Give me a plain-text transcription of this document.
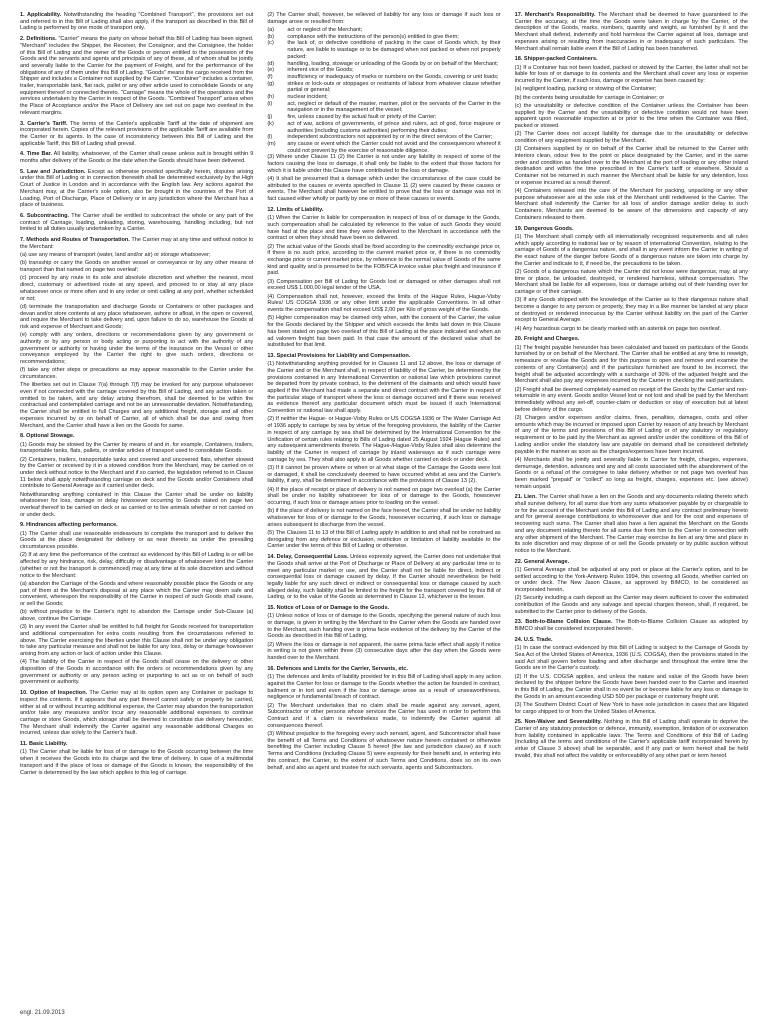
1. Applicability. Notwithstanding the heading "Combined Transport", the provisions set out and referred to in this Bill of Lading shall also apply, if the transport as described in this Bill of Lading is performed by one mode of transport only.

2. Definitions. "Carrier" means the party on whose behalf this Bill of Lading has been signed. "Merchant" includes the Shipper, the Receiver, the Consignor, and the Consignee, the holder of this Bill of Lading and the owner of the Goods or person entitled to the possession of the Goods and the servants and agents and principals of any of these, all of whom shall be jointly and severally liable to the Carrier for the payment of Freight, and for the performance of the obligations of any of them under this Bill of Lading. "Goods" means the cargo received from the Shipper and includes a Container not supplied by the Carrier. "Container" includes a container, trailer, transportable tank, flat rack, pallet or any other article used to consolidate Goods or any equipment thereof or connected thereto. "Carriage" means the whole of the operations and the services undertaken by the Carrier in respect of the Goods. "Combined Transport" arises when the Place of Acceptance and/or the Place of Delivery are set out on page two overleaf in the relevant margins.

3. Carrier's Tariff. The terms of the Carrier's applicable Tariff at the date of shipment are incorporated herein. Copies of the relevant provisions of the applicable Tariff are available from the Carrier or its agents. In the case of inconsistency between this Bill of Lading and the applicable Tariff, this Bill of Lading shall prevail.

4. Time Bar. All liability, whatsoever, of the Carrier shall cease unless suit is brought within 9 months after delivery of the Goods or the date when the Goods should have been delivered.

5. Law and Jurisdiction. Except as otherwise provided specifically herein, disputes arising under this Bill of Lading or in connection therewith shall be determined exclusively by the High Court of Justice in London and in accordance with the English law. Any actions against the Merchant may, at the Carrier's sole option, also be brought in the countries of the Port of Loading, Port of Discharge, Place of Delivery or in any jurisdiction where the Merchant has a place of business.

6. Subcontracting. The Carrier shall be entitled to subcontract the whole or any part of the contract of Carriage, loading, unloading, storing, warehousing, handling including, but not limited to all duties usually undertaken by a Carrier.

7. Methods and Routes of Transportation. The Carrier may at any time and without notice to the Merchant:

(a) use any means of transport (water, land and/or air) or storage whatsoever;

(b) transship or carry the Goods on another vessel or conveyance or by any other means of transport than that named on page two overleaf;

(c) proceed by any route in its sole and absolute discretion and whether the nearest, most direct, customary or advertised route at any speed, and proceed to or stay at any place whatsoever once or more often and in any order or omit calling at any port, whether scheduled or not;

(d) terminate the transportation and discharge Goods or Containers or other packages and devan and/or store contents at any place whatsoever, ashore or afloat, in the open or covered, and require the Merchant to take delivery and, upon failure to do so, warehouse the Goods at risk and expense of Merchant and Goods;

(e) comply with any orders, directions or recommendations given by any government or authority or by any person or body acting or purporting to act with the authority of any government or authority or having under the terms of the insurance on the Vessel or other conveyance employed by the Carrier the right to give such orders, directions or recommendations;

(f) take any other steps or precautions as may appear reasonable to the Carrier under the circumstances.

The liberties set out in Clause 7(a) through 7(f) may be invoked for any purpose whatsoever even if not connected with the carriage covered by this Bill of Lading, and any action taken or omitted to be taken, and any delay arising therefrom, shall be deemed to be within the contractual and contemplated carriage and not be an unreasonable deviation. Notwithstanding, the Carrier shall be entitled to full Charges and any additional freight, storage and all other expenses incurred by or on behalf of Carrier, all of which shall be due and owing from Merchant, and the Carrier shall have a lien on the Goods for same.

8. Optional Stowage.

(1) Goods may be stowed by the Carrier by means of and in, for example, Containers, trailers, transportable tanks, flats, pallets, or similar articles of transport used to consolidate Goods.

(2) Containers, trailers, transportable tanks and covered and uncovered flats, whether stowed by the Carrier or received by it in a stowed condition from the Merchant, may be carried on or under deck without notice to the Merchant and if so carried, the legislation referred to in Clause 11 below shall apply notwithstanding carriage on deck and the Goods and/or Containers shall contribute to General Average as if carried under deck.

Notwithstanding anything contained in this Clause the Carrier shall be under no liability whatsoever for loss, damage or delay howsoever occurring to Goods stated on page two overleaf thereof to be carried on deck or as carried or to live animals whether or not carried on or under deck.

9. Hindrances affecting performance.

(1) The Carrier shall use reasonable endeavours to complete the transport and to deliver the Goods at the place designated for delivery or as near thereto as under the prevailing circumstances possible.

(2) If at any time the performance of the contract as evidenced by this Bill of Lading is or will be affected by any hindrance, risk, delay, difficulty or disadvantage of whatsoever kind the Carrier (whether or not the transport is commenced) may at any time at its sole discretion and without notice to the Merchant:

(a) abandon the Carriage of the Goods and where reasonably possible place the Goods or any part of them at the Merchant's disposal at any place which the Carrier may deem safe and convenient, whereupon the responsibility of the Carrier in respect of such Goods shall cease, or sell the Goods;

(b) without prejudice to the Carrier's right to abandon the Carriage under Sub-Clause (a) above, continue the Carriage.

(3) In any event the Carrier shall be entitled to full freight for Goods received for transportation and additional compensation for extra costs resulting from the circumstances referred to above. The Carrier exercising the liberties under this Clause shall not be under any obligation to take any particular measure and shall not be liable for any loss, delay or damage howsoever arising from any action or lack of action under this Clause.

(4) The liability of the Carrier in respect of the Goods shall cease on the delivery or other disposition of the Goods in accordance with the orders or recommendations given by any government or authority or any person acting or purporting to act as or on behalf of such government or authority.

10. Option of Inspection. The Carrier may at its option open any Container or package to inspect the contents. If it appears that any part thereof cannot safely or properly be carried, either at all or without incurring additional expense, the Carrier may abandon the transportation and/or take any measures and/or incur any reasonable additional expenses to continue carriage or store Goods, which storage shall be deemed to constitute due delivery hereunder. The Merchant shall indemnify the Carrier against any reasonable additional Charges so incurred, unless due solely to the Carrier's fault.

11. Basic Liability.

(1) The Carrier shall be liable for loss of or damage to the Goods occurring between the time when it receives the Goods into its charge and the time of delivery. In case of a multimodal transport and if the place of loss or damage of the Goods is known, the responsibility of the Carrier is determined by the law which applies to this leg of carriage.

(2) The Carrier shall, however, be relieved of liability for any loss or damage if such loss or damage arose or resulted from:

(a)	act or neglect of the Merchant;
(b)	compliance with the instructions of the person(s) entitled to give them;
(c)	the lack of, or defective conditions of packing in the case of Goods which, by their nature, are liable to wastage or to be damaged when not packed or when not properly packed;
(d)	handling, loading, stowage or unloading of the Goods by or on behalf of the Merchant;
(e)	inherent vice of the Goods;
(f)	insufficiency or inadequacy of marks or numbers on the Goods, covering or unit loads;
(g)	strikes or lock-outs or stoppages or restraints of labour from whatever clause whether partial or general;
(h)	nuclear incident;
(i)	act, neglect or default of the master, mariner, pilot or the servants of the Carrier in the navigation or in the management of the vessel;
(j)	fire, unless caused by the actual fault or privity of the Carrier;
(k)	act of war, actions of governments, of prince and rulers, act of god, force majeure or authorities (including customs authorities) performing their duties;
(l)	independent subcontractors not appointed by or in the direct services of the Carrier;
(m)	any cause or event which the Carrier could not avoid and the consequences whereof it could not prevent by the exercise of reasonable diligence.

(3) Where under Clause 11 (2) the Carrier is not under any liability in respect of some of the factors causing the loss or damage, it shall only be liable to the extent that those factors for which it is liable under this Clause have contributed to the loss or damage.

(4) It shall be presumed that a damage which under the circumstances of the case could be attributed to the causes or events specified in Clause 11 (2) were caused by these causes or events. The Merchant shall however be entitled to prove that the loss or damage was not in fact caused either wholly or partly by one or more of these causes or events.

12. Limits of Liability.

(1) When the Carrier is liable for compensation in respect of loss of or damage to the Goods, such compensation shall be calculated by reference to the value of such Goods they would have had at the place and time they were delivered to the Merchant in accordance with the contract or when they should have been so delivered.

(2) The actual value of the Goods shall be fixed according to the commodity exchange price or, if there is no such price, according to the current market price or, if there is no commodity exchange price or current market price, by reference to the normal value of Goods of the same kind and quality and is presumed to be the FOB/FCA invoice value plus freight and insurance if paid.

(3) Compensation per Bill of Lading for Goods lost or damaged or other damages shall not exceed US$ 1.000,00 legal tender of the USA.

(4) Compensation shall not, however, exceed the limits of the Hague Rules, Hague-Visby Rules/ US COGSA 1936 or any other limit under the applicable Conventions. In all other events the compensation shall not exceed US$ 2,00 per Kilo of gross weight of the Goods.

(5) Higher compensation may be claimed only when, with the consent of the Carrier, the value for the Goods declared by the Shipper and which exceeds the limits laid down in this Clause has been stated on page two overleaf of this Bill of Lading at the place indicated and when an ad valorem freight has been paid. In that case the amount of the declared value shall be substituted for that limit.

13. Special Provisions for Liability and Compensation.

(1) Notwithstanding anything provided for in Clauses 11 and 12 above, the loss or damage of the Carrier and or the Merchant shall, in respect of liability of the Carrier, be determined by the provisions contained in any International Convention or national law which provisions cannot be departed from by private contract, to the detriment of the claimants and which would have applied if the Merchant had made a separate and direct contract with the Carrier in respect of the particular stage of transport where the loss or damage occurred and if there was received as evidence thereof any particular document which must be issued if such International Convention or national law shall apply.

(2) If neither the Hague- or Hague-Visby Rules or US COGSA 1936 or The Water Carriage Act of 1936 apply to carriage by sea by virtue of the foregoing provisions, the liability of the Carrier in respect of any carriage by sea shall be determined by the International Convention for the Unification of certain rules relating to Bills of Lading dated 25 August 1924 (Hague Rules) and any subsequent amendments thereto. The Hague-/Hague-Visby Rules shall also determine the liability of the Carrier in respect of carriage by inland waterways as if such carriage were carriage by sea. They shall also apply to all Goods whether carried on deck or under deck.

(3) If it cannot be proven where or when or at what stage of the Carriage the Goods were lost or damaged, it shall be conclusively deemed to have occurred whilst at sea and the Carrier's liability, if any, shall be determined in accordance with the provisions of Clause 13 (2).

(4) If the place of receipt or place of delivery is not named on page two overleaf (a) the Carrier shall be under no liability whatsoever for loss of or damage to the Goods, howsoever occurring, if such loss or damage arises prior to loading on the vessel.

(b) if the place of delivery is not named on the face hereof, the Carrier shall be under no liability whatsoever for loss of or damage to the Goods, howsoever occurring, if such loss or damage arises subsequent to discharge from the vessel.

(5) The Clauses 11 to 13 of this Bill of Lading apply in addition to and shall not be construed as derogating from any defence or exclusion, restriction or limitation of liability available to the Carrier under the terms of this Bill of Lading or otherwise.

14. Delay, Consequential Loss. Unless expressly agreed, the Carrier does not undertake that the Goods shall arrive at the Port of Discharge or Place of Delivery at any particular time or to meet any particular market or use, and the Carrier shall not be liable for direct, indirect or consequential loss or damage caused by delay. If the Carrier should nevertheless be held legally liable for any such direct or indirect or consequential loss or damage caused by such alleged delay, such liability shall be limited to the freight for the transport covered by this Bill of Lading, or to the value of the Goods as determined in Clause 12, whichever is the lesser.

15. Notice of Loss of or Damage to the Goods.

(1) Unless notice of loss or of damage to the Goods, specifying the general nature of such loss or damage, is given in writing by the Merchant to the Carrier when the Goods are handed over to the Merchant, such handing over is prima facie evidence of the delivery by the Carrier of the Goods as described in this Bill of Lading.

(2) Where the loss or damage is not apparent, the same prima facie effect shall apply if notice in writing is not given within three (3) consecutive days after the day when the Goods were handed over to the Merchant.

16. Defences and Limits for the Carrier, Servants, etc.

(1) The defences and limits of liability provided for in this Bill of Lading shall apply in any action against the Carrier for loss or damage to the Goods whether the action be founded in contract, bailment or in tort and even if the loss or damage arose as a result of unseaworthiness, negligence or fundamental breach of contract.

(2) The Merchant undertakes that no claim shall be made against any servant, agent, Subcontractor or other persons whose services the Carrier has used in order to perform this Contract and if a claim is nevertheless made, to indemnify the Carrier against all consequences thereof.

(3) Without prejudice to the foregoing every such servant, agent, and Subcontractor shall have the benefit of all Terms and Conditions of whatsoever nature herein contained or otherwise benefiting the Carrier including Clause 5 hereof (the law and jurisdiction clause) as if such Terms and Conditions (including Clause 5) were expressly for their benefit and, in entering into this contract, the Carrier, to the extent of such Terms and Conditions, does so on its own behalf, and also as agent and trustee for such servants, agents and Subcontractors.

17. Merchant's Responsibility. The Merchant shall be deemed to have guaranteed to the Carrier the accuracy, at the time the Goods were taken in charge by the Carrier, of the description of the Goods, marks, numbers, quantity and weight, as furnished by it and the Merchant shall defend, indemnify and hold harmless the Carrier against all loss, damage and expenses arising or resulting from inaccuracies in or inadequacy of such particulars. The Merchant shall remain liable even if the Bill of Lading has been transferred.

18. Shipper-packed Containers.

(1) If a Container has not been loaded, packed or stowed by the Carrier, the latter shall not be liable for loss of or damage to its contents and the Merchant shall cover any loss or expense incurred by the Carrier, if such loss, damage or expense has been caused by:

(a) negligent loading, packing or stowing of the Container;

(b) the contents being unsuitable for carriage in Container; or

(c) the unsuitability or defective condition of the Container unless the Container has been supplied by the Carrier and the unsuitability or defective condition would not have been apparent upon reasonable inspection at or prior to the time when the Container was filled, packed or stowed.

(2) The Carrier does not accept liability for damage due to the unsuitability or defective condition of any equipment supplied by the Merchant.

(3) Containers supplied by or on behalf of the Carrier shall be returned to the Carrier with interiors clean, odour free to the point or place designated by the Carrier, and in the same order and condition as handed over to the Merchant at the port of loading or any other inland destination and within the time prescribed in the Carrier's tariff or elsewhere. Should a Container not be returned in such manner the Merchant shall be liable for any detention, loss or expense incurred as a result thereof.

(4) Containers released into the care of the Merchant for packing, unpacking or any other purpose whatsoever are at the sole risk of the Merchant until redelivered to the Carrier. The Merchant shall indemnify the Carrier for all loss of and/or damage and/or delay to such Containers. Merchants are deemed to be aware of the dimensions and capacity of any Containers released to them.

19. Dangerous Goods.

(1) The Merchant shall comply with all internationally recognised requirements and all rules which apply according to national law or by reason of international Convention, relating to the carriage of Goods of a dangerous nature, and shall in any event inform the Carrier in writing of the exact nature of the danger before Goods of a dangerous nature are taken into charge by the Carrier and indicate to it, if need be, the precautions to be taken.

(2) Goods of a dangerous nature which the Carrier did not know were dangerous, may, at any time or place, be unloaded, destroyed, or rendered harmless, without compensation. The Merchant shall be liable for all expenses, loss or damage arising out of their handing over for carriage or of their carriage.

(3) If any Goods shipped with the knowledge of the Carrier as to their dangerous nature shall become a danger to any person or property, they may in a like manner be landed at any place or destroyed or rendered innocuous by the Carrier without liability on the part of the Carrier except to General Average.

(4) Any hazardous cargo to be clearly marked with an asterisk on page two overleaf.

20. Freight and Charges.

(1) The freight payable hereunder has been calculated and based on particulars of the Goods furnished by or on behalf of the Merchant. The Carrier shall be entitled at any time to reweigh, remeasure or revalue the Goods and for this purpose to open and remove and examine the contents of any Container(s) and if the particulars furnished are found to be incorrect, the freight shall be adjusted accordingly with a surcharge of 30% of the adjusted freight and the Merchant shall also pay any expenses incurred by the Carrier in checking the said particulars.

(2) Freight shall be deemed completely earned on receipt of the Goods by the Carrier and non-returnable in any event. Goods and/or Vessel lost or not lost and shall be paid by the Merchant immediately without any set-off, counter-claim or deduction or stay of execution but at latest before delivery of the cargo.

(3) Charges and/or expenses and/or claims, fines, penalties, damages, costs and other amounts which may be incurred or imposed upon Carrier by reason of any breach by Merchant of any of the terms and provisions of this Bill of Lading or of any statutory or regulatory requirement or to be paid by the Merchant as agreed and/or under the conditions of this Bill of Lading and/or under the statutory law are payable on demand shall be considered definitely payable in the manner as soon as the charges/expenses have been incurred.

(4) Merchants shall be jointly and severally liable to Carrier for freight, charges, expenses, demurrage, detention, advances and any and all costs associated with the abandonment of the Goods or a refusal of the consignee to take delivery whether or not page two overleaf has been marked "prepaid" or "collect" so long as freight, charges, expenses etc. (see above) remain unpaid.

21. Lien. The Carrier shall have a lien on the Goods and any documents relating thereto which shall survive delivery, for all sums due from any sums whatsoever payable by or chargeable to or for the account of the Merchant under this Bill of Lading and any contract preliminary hereto and for general average contributions to whomsoever due and for the cost and expenses of recovering such sums. The Carrier shall also have a lien against the Merchant on the Goods and any document relating thereto for all sums due from him to the Carrier in connection with any other shipment of the Merchant. The Carrier may exercise its lien at any time and place in its sole discretion and may dispose of or sell the Goods privately or by public auction without notice to the Merchant.

22. General Average.

(1) General Average shall be adjusted at any port or place at the Carrier's option, and to be settled according to the York-Antwerp Rules 1994, this covering all Goods, whether carried on or under deck. The New Jason Clause, as approved by BIMCO, to be considered as incorporated herein.

(2) Security including a cash deposit as the Carrier may deem sufficient to cover the estimated contribution of the Goods and any salvage and special charges thereon, shall, if required, be submitted to the Carrier prior to delivery of the Goods.

23. Both-to-Blame Collision Clause. The Both-to-Blame Collision Clause as adopted by BIMCO shall be considered incorporated herein.

24. U.S. Trade.

(1) In case the contract evidenced by this Bill of Lading is subject to the Carriage of Goods by Sea Act of the United States of America, 1936 (U.S. COGSA), then the provisions stated in the said Act shall govern before loading and after discharge and throughout the entire time the Goods are in the Carrier's custody.

(2) If the U.S. COGSA applies, and unless the nature and value of the Goods have been declared by the shipper before the Goods have been handed over to the Carrier and inserted in this Bill of Lading, the Carrier shall in no event be or become liable for any loss or damage to the Goods in an amount exceeding USD 500 per package or customary freight unit.

(3) The Southern District Court of New York to have sole jurisdiction in cases that are litigated for cargo shipped to or from the United States of America.

25. Non-Waiver and Severability. Nothing in this Bill of Lading shall operate to deprive the Carrier of any statutory protection or defence, immunity, exemption, limitation of or exoneration from liability contained in applicable laws. The Terms and Conditions of this Bill of Lading (including all the terms and conditions of the Carrier's applicable tariff incorporated herein by virtue of Clause 3 above) shall be separable, and if any part or term hereof shall be held invalid, this shall not affect the validity or enforceability of any other part or term hereof.

engl. 21.09.2013
